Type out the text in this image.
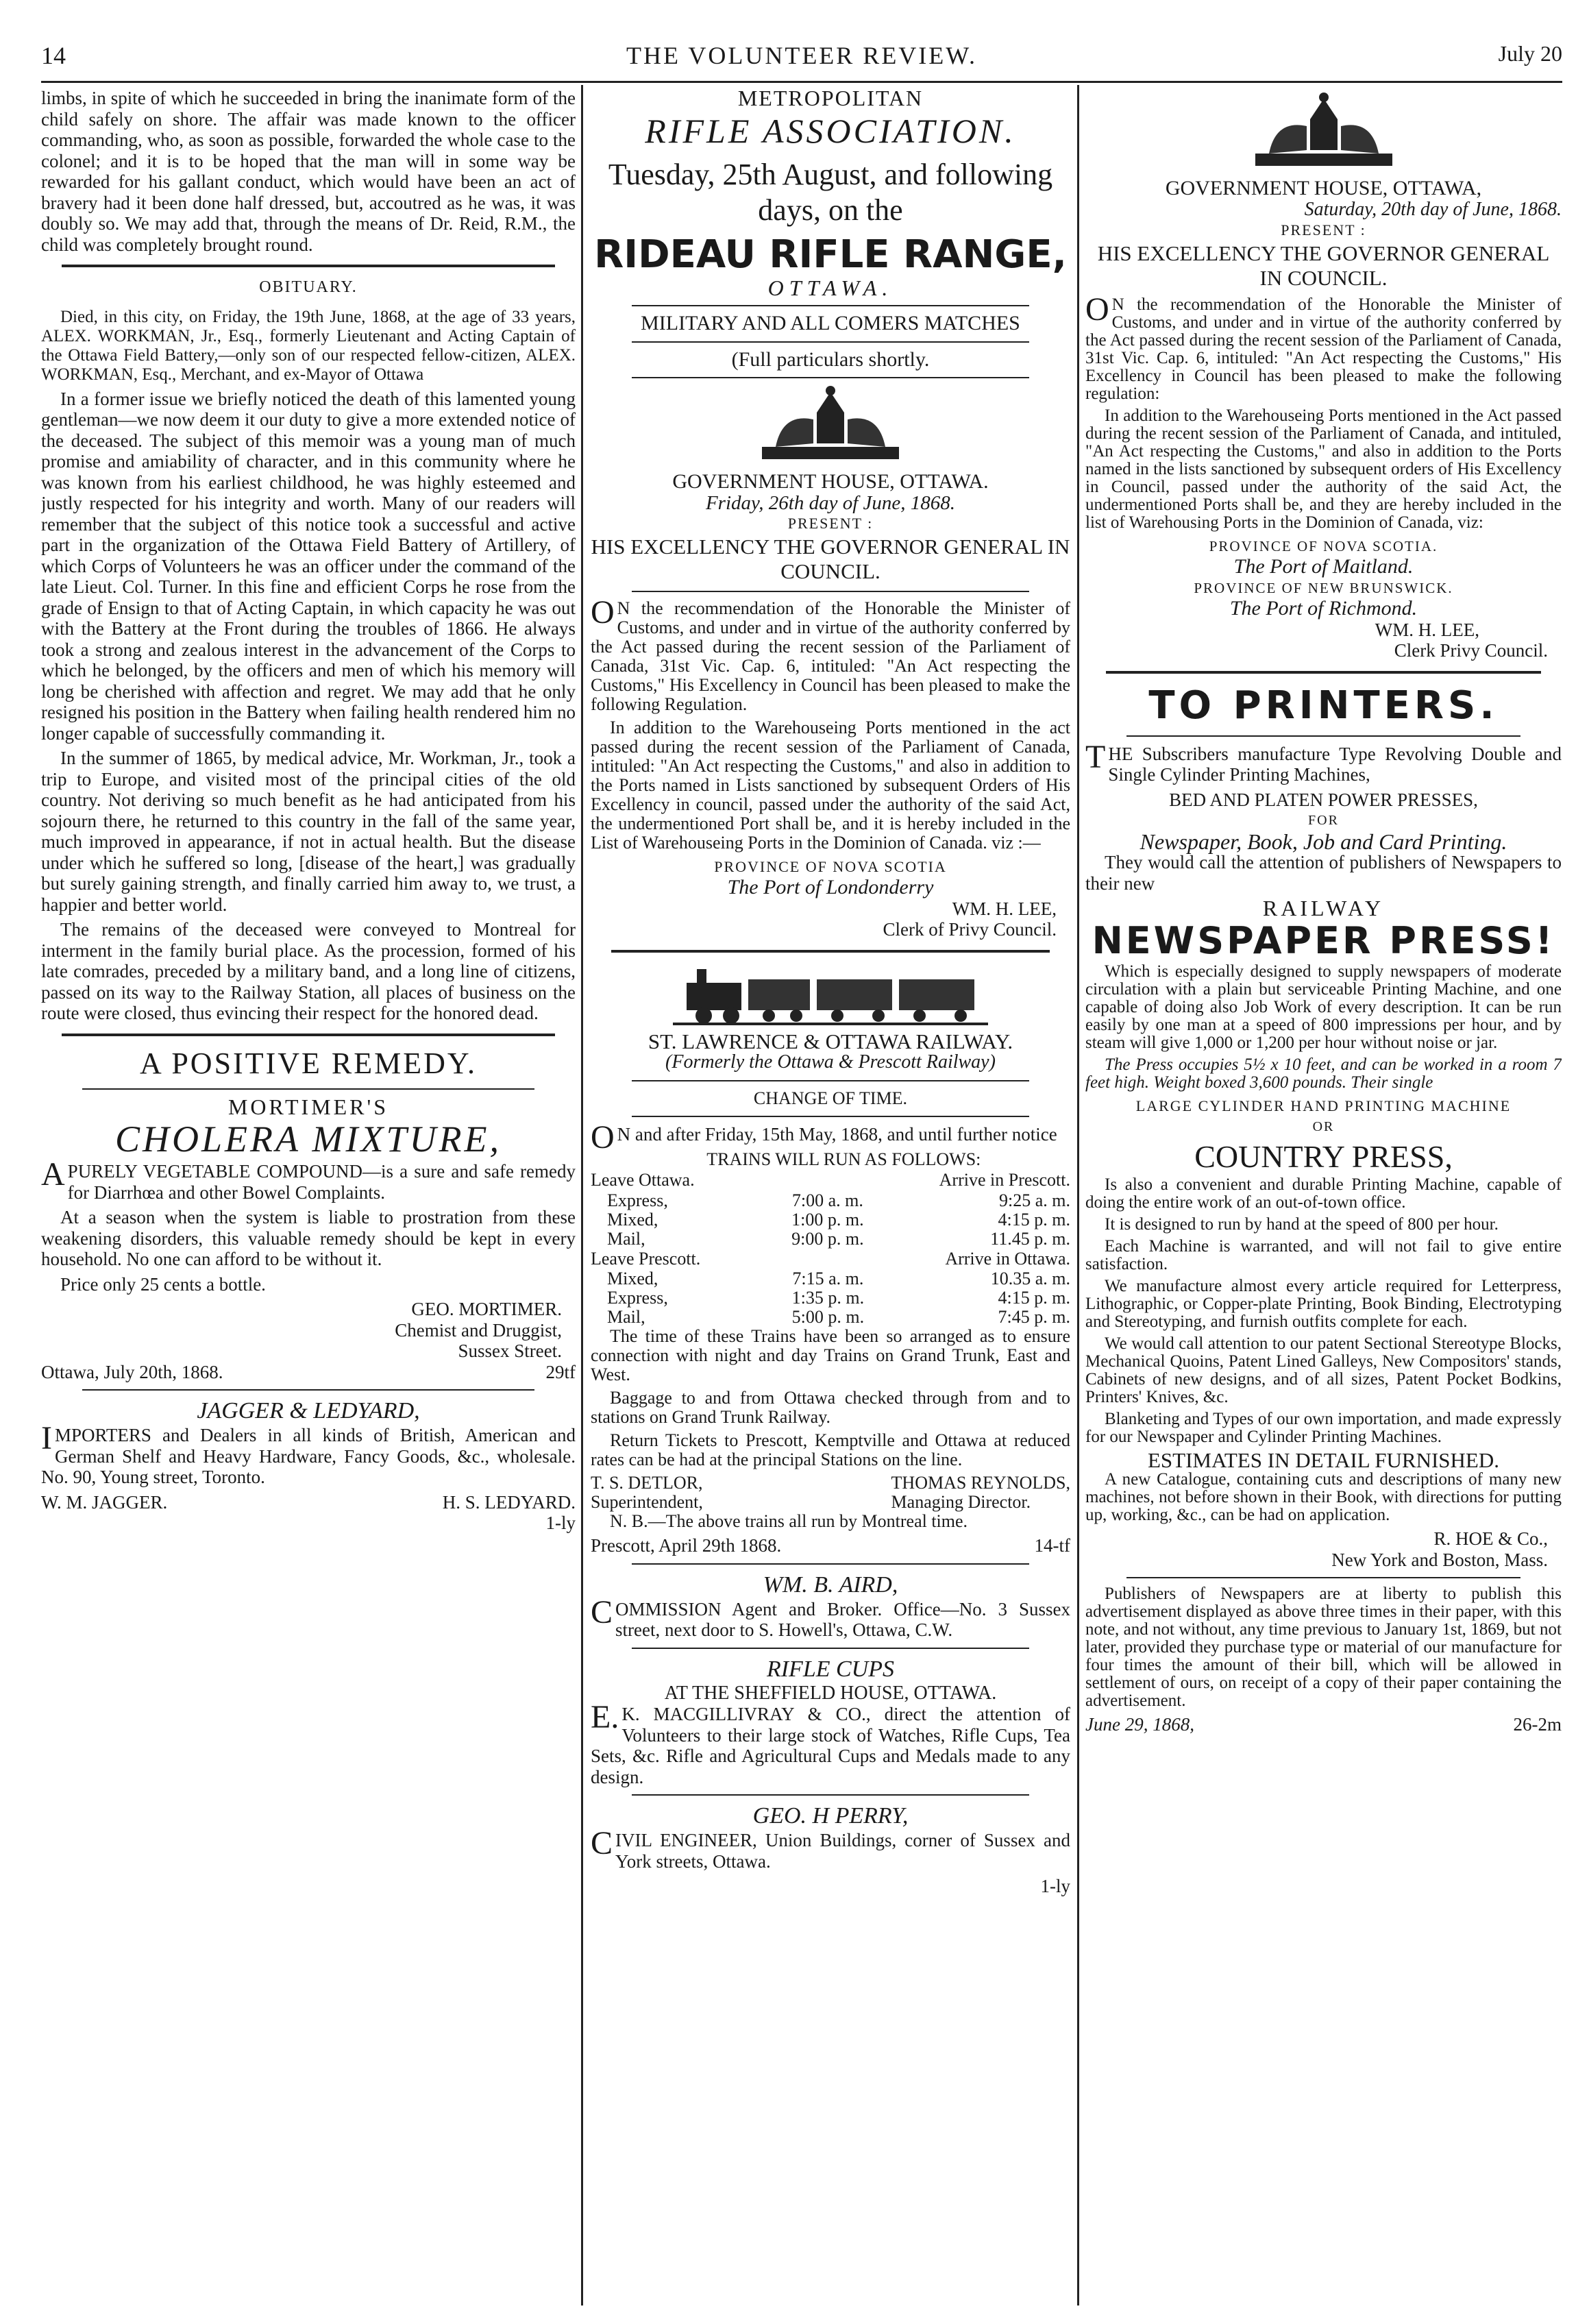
14	THE VOLUNTEER REVIEW.	July 20

limbs, in spite of which he succeeded in bring the inanimate form of the child safely on shore. The affair was made known to the officer commanding, who, as soon as possible, forwarded the whole case to the colonel; and it is to be hoped that the man will in some way be rewarded for his gallant conduct, which would have been an act of bravery had it been done half dressed, but, accoutred as he was, it was doubly so. We may add that, through the means of Dr. Reid, R.M., the child was completely brought round.

OBITUARY.

Died, in this city, on Friday, the 19th June, 1868, at the age of 33 years, ALEX. WORKMAN, Jr., Esq., formerly Lieutenant and Acting Captain of the Ottawa Field Battery,—only son of our respected fellow-citizen, ALEX. WORKMAN, Esq., Merchant, and ex-Mayor of Ottawa

In a former issue we briefly noticed the death of this lamented young gentleman—we now deem it our duty to give a more extended notice of the deceased. The subject of this memoir was a young man of much promise and amiability of character, and in this community where he was known from his earliest childhood, he was highly esteemed and justly respected for his integrity and worth. Many of our readers will remember that the subject of this notice took a successful and active part in the organization of the Ottawa Field Battery of Artillery, of which Corps of Volunteers he was an officer under the command of the late Lieut. Col. Turner. In this fine and efficient Corps he rose from the grade of Ensign to that of Acting Captain, in which capacity he was out with the Battery at the Front during the troubles of 1866. He always took a strong and zealous interest in the advancement of the Corps to which he belonged, by the officers and men of which his memory will long be cherished with affection and regret. We may add that he only resigned his position in the Battery when failing health rendered him no longer capable of successfully commanding it.

In the summer of 1865, by medical advice, Mr. Workman, Jr., took a trip to Europe, and visited most of the principal cities of the old country. Not deriving so much benefit as he had anticipated from his sojourn there, he returned to this country in the fall of the same year, much improved in appearance, if not in actual health. But the disease under which he suffered so long, [disease of the heart,] was gradually but surely gaining strength, and finally carried him away to, we trust, a happier and better world.

The remains of the deceased were conveyed to Montreal for interment in the family burial place. As the procession, formed of his late comrades, preceded by a military band, and a long line of citizens, passed on its way to the Railway Station, all places of business on the route were closed, thus evincing their respect for the honored dead.

A POSITIVE REMEDY.
MORTIMER'S
CHOLERA MIXTURE,

APURELY VEGETABLE COMPOUND—is a sure and safe remedy for Diarrhœa and other Bowel Complaints.

At a season when the system is liable to prostration from these weakening disorders, this valuable remedy should be kept in every household. No one can afford to be without it.

Price only 25 cents a bottle.

GEO. MORTIMER.
Chemist and Druggist,
Sussex Street.
Ottawa, July 20th, 1868.	29tf
JAGGER & LEDYARD,

IMPORTERS and Dealers in all kinds of British, American and German Shelf and Heavy Hardware, Fancy Goods, &c., wholesale. No. 90, Young street, Toronto.

W. M. JAGGER.	H. S. LEDYARD.
1-ly
METROPOLITAN
RIFLE ASSOCIATION.
Tuesday, 25th August, and following days, on the
RIDEAU RIFLE RANGE,
OTTAWA.
MILITARY AND ALL COMERS MATCHES
(Full particulars shortly.
GOVERNMENT HOUSE, OTTAWA.
Friday, 26th day of June, 1868.
PRESENT :
HIS EXCELLENCY THE GOVERNOR GENERAL IN COUNCIL.

ON the recommendation of the Honorable the Minister of Customs, and under and in virtue of the authority conferred by the Act passed during the recent session of the Parliament of Canada, 31st Vic. Cap. 6, intituled: "An Act respecting the Customs," His Excellency in Council has been pleased to make the following Regulation.

In addition to the Warehouseing Ports mentioned in the act passed during the recent session of the Parliament of Canada, intituled: "An Act respecting the Customs," and also in addition to the Ports named in Lists sanctioned by subsequent Orders of His Excellency in council, passed under the authority of the said Act, the undermentioned Port shall be, and it is hereby included in the List of Warehouseing Ports in the Dominion of Canada. viz :—

PROVINCE OF NOVA SCOTIA
The Port of Londonderry
WM. H. LEE,
Clerk of Privy Council.
ST. LAWRENCE & OTTAWA RAILWAY.
(Formerly the Ottawa & Prescott Railway)
CHANGE OF TIME.

ON and after Friday, 15th May, 1868, and until further notice

TRAINS WILL RUN AS FOLLOWS:
Leave Ottawa.	Arrive in Prescott.
Express,	7:00 a. m.	9:25 a. m.
Mixed,	1:00 p. m.	4:15 p. m.
Mail,	9:00 p. m.	11.45 p. m.
Leave Prescott.	Arrive in Ottawa.
Mixed,	7:15 a. m.	10.35 a. m.
Express,	1:35 p. m.	4:15 p. m.
Mail,	5:00 p. m.	7:45 p. m.

The time of these Trains have been so arranged as to ensure connection with night and day Trains on Grand Trunk, East and West.

Baggage to and from Ottawa checked through from and to stations on Grand Trunk Railway.

Return Tickets to Prescott, Kemptville and Ottawa at reduced rates can be had at the principal Stations on the line.

T. S. DETLOR,
Superintendent,
THOMAS REYNOLDS,
Managing Director.

N. B.—The above trains all run by Montreal time.

Prescott, April 29th 1868.	14-tf
WM. B. AIRD,

COMMISSION Agent and Broker. Office—No. 3 Sussex street, next door to S. Howell's, Ottawa, C.W.

RIFLE CUPS
AT THE SHEFFIELD HOUSE, OTTAWA.

E.K. MACGILLIVRAY & CO., direct the attention of Volunteers to their large stock of Watches, Rifle Cups, Tea Sets, &c. Rifle and Agricultural Cups and Medals made to any design.

GEO. H PERRY,

CIVIL ENGINEER, Union Buildings, corner of Sussex and York streets, Ottawa.

1-ly
GOVERNMENT HOUSE, OTTAWA,
Saturday, 20th day of June, 1868.
PRESENT :
HIS EXCELLENCY THE GOVERNOR GENERAL IN COUNCIL.

ON the recommendation of the Honorable the Minister of Customs, and under and in virtue of the authority conferred by the Act passed during the recent session of the Parliament of Canada, 31st Vic. Cap. 6, intituled: "An Act respecting the Customs," His Excellency in Council has been pleased to make the following regulation:

In addition to the Warehouseing Ports mentioned in the Act passed during the recent session of the Parliament of Canada, and intituled, "An Act respecting the Customs," and also in addition to the Ports named in the lists sanctioned by subsequent orders of His Excellency in Council, passed under the authority of the said Act, the undermentioned Ports shall be, and they are hereby included in the list of Warehousing Ports in the Dominion of Canada, viz:

PROVINCE OF NOVA SCOTIA.
The Port of Maitland.
PROVINCE OF NEW BRUNSWICK.
The Port of Richmond.
WM. H. LEE,
Clerk Privy Council.
TO PRINTERS.

THE Subscribers manufacture Type Revolving Double and Single Cylinder Printing Machines,

BED AND PLATEN POWER PRESSES,
FOR
Newspaper, Book, Job and Card Printing.

They would call the attention of publishers of Newspapers to their new

RAILWAY
NEWSPAPER PRESS!

Which is especially designed to supply newspapers of moderate circulation with a plain but serviceable Printing Machine, and one capable of doing also Job Work of every description. It can be run easily by one man at a speed of 800 impressions per hour, and by steam will give 1,000 or 1,200 per hour without noise or jar.

The Press occupies 5½ x 10 feet, and can be worked in a room 7 feet high. Weight boxed 3,600 pounds. Their single

LARGE CYLINDER HAND PRINTING MACHINE
OR
COUNTRY PRESS,

Is also a convenient and durable Printing Machine, capable of doing the entire work of an out-of-town office.

It is designed to run by hand at the speed of 800 per hour.

Each Machine is warranted, and will not fail to give entire satisfaction.

We manufacture almost every article required for Letterpress, Lithographic, or Copper-plate Printing, Book Binding, Electrotyping and Stereotyping, and furnish outfits complete for each.

We would call attention to our patent Sectional Stereotype Blocks, Mechanical Quoins, Patent Lined Galleys, New Compositors' stands, Cabinets of new designs, and of all sizes, Patent Pocket Bodkins, Printers' Knives, &c.

Blanketing and Types of our own importation, and made expressly for our Newspaper and Cylinder Printing Machines.

ESTIMATES IN DETAIL FURNISHED.

A new Catalogue, containing cuts and descriptions of many new machines, not before shown in their Book, with directions for putting up, working, &c., can be had on application.

R. HOE & Co.,
New York and Boston, Mass.

Publishers of Newspapers are at liberty to publish this advertisement displayed as above three times in their paper, with this note, and not without, any time previous to January 1st, 1869, but not later, provided they purchase type or material of our manufacture for four times the amount of their bill, which will be allowed in settlement of ours, on receipt of a copy of their paper containing the advertisement.

June 29, 1868,	26-2m
